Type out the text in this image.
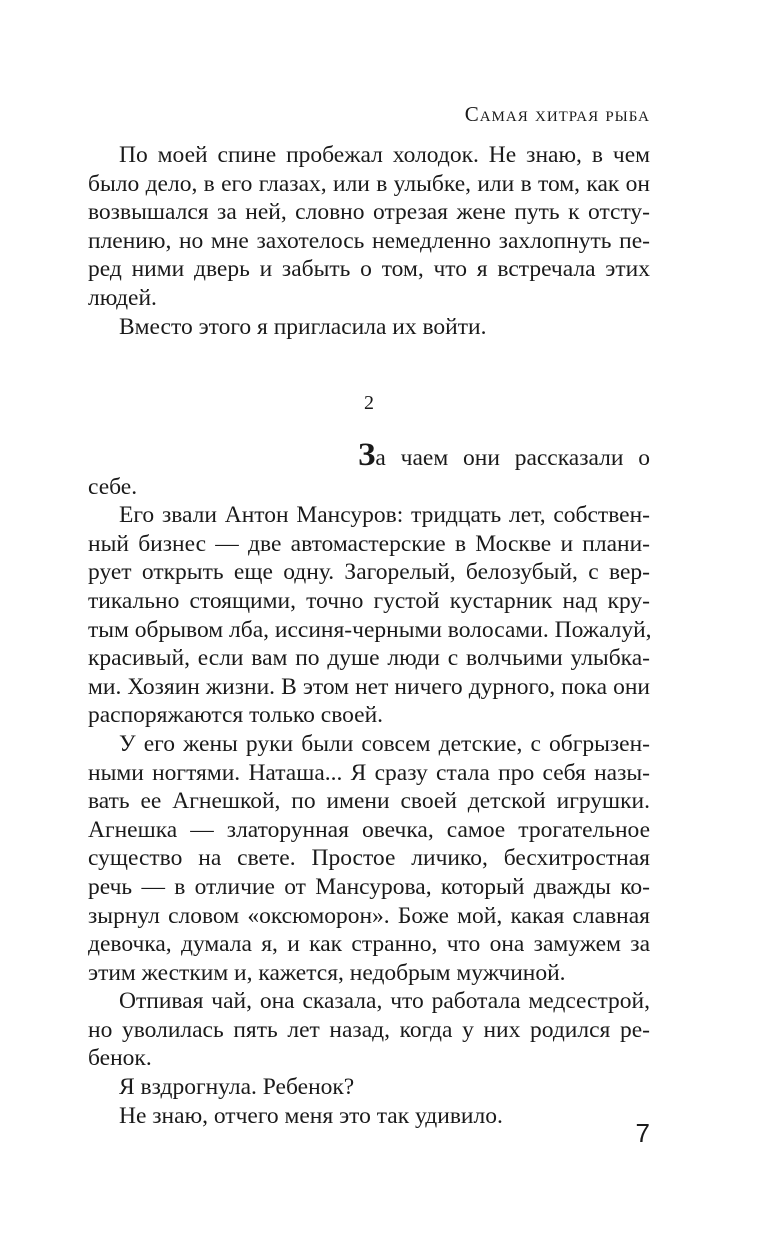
Самая хитрая рыба
По моей спине пробежал холодок. Не знаю, в чем
было дело, в его глазах, или в улыбке, или в том, как он
возвышался за ней, словно отрезая жене путь к отсту-
плению, но мне захотелось немедленно захлопнуть пе-
ред ними дверь и забыть о том, что я встречала этих
людей.
Вместо этого я пригласила их войти.
2
За чаем они рассказали о
себе.
Его звали Антон Мансуров: тридцать лет, собствен-
ный бизнес — две автомастерские в Москве и плани-
рует открыть еще одну. Загорелый, белозубый, с вер-
тикально стоящими, точно густой кустарник над кру-
тым обрывом лба, иссиня-черными волосами. Пожалуй,
красивый, если вам по душе люди с волчьими улыбка-
ми. Хозяин жизни. В этом нет ничего дурного, пока они
распоряжаются только своей.
У его жены руки были совсем детские, с обгрызен-
ными ногтями. Наташа... Я сразу стала про себя назы-
вать ее Агнешкой, по имени своей детской игрушки.
Агнешка — златорунная овечка, самое трогательное
существо на свете. Простое личико, бесхитростная
речь — в отличие от Мансурова, который дважды ко-
зырнул словом «оксюморон». Боже мой, какая славная
девочка, думала я, и как странно, что она замужем за
этим жестким и, кажется, недобрым мужчиной.
Отпивая чай, она сказала, что работала медсестрой,
но уволилась пять лет назад, когда у них родился ре-
бенок.
Я вздрогнула. Ребенок?
Не знаю, отчего меня это так удивило.
7
